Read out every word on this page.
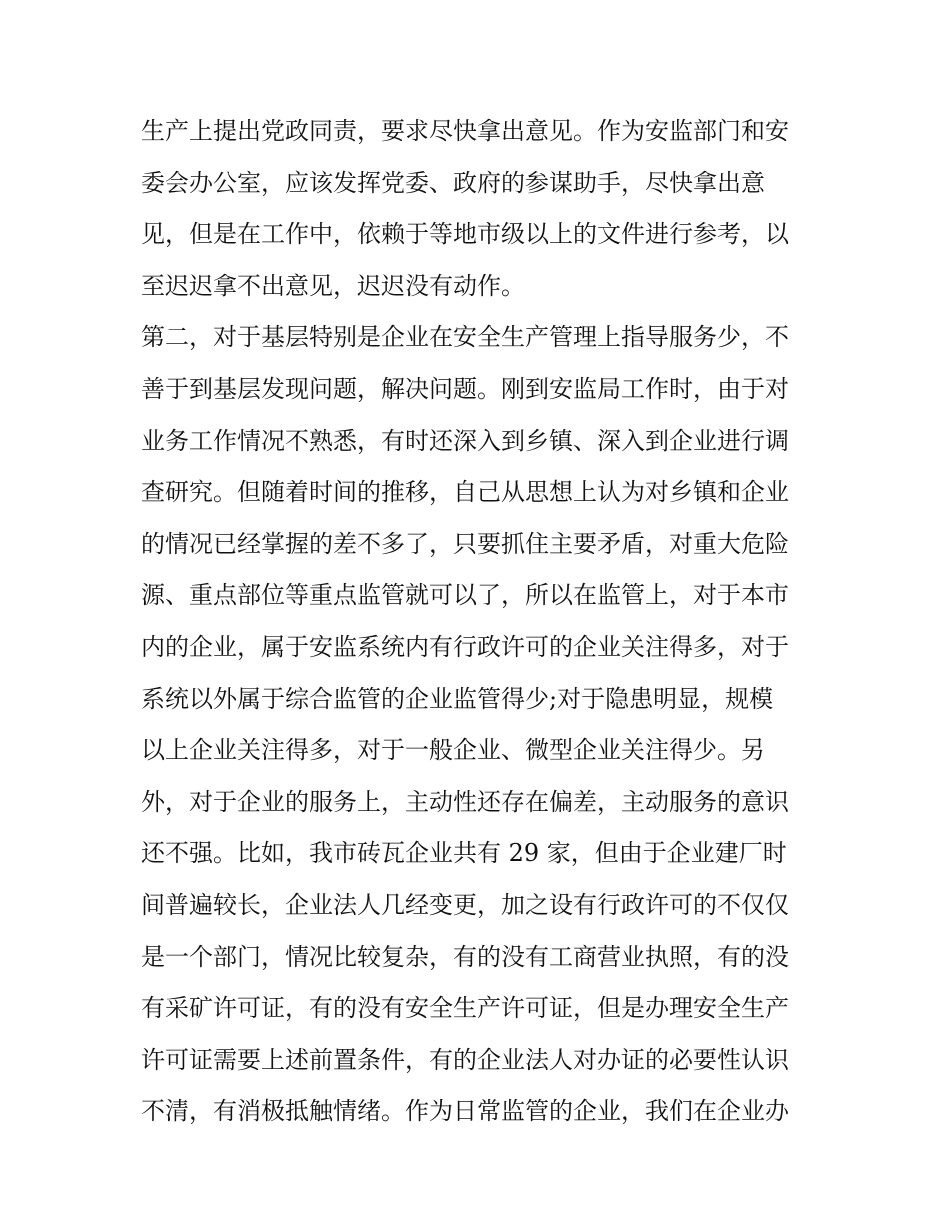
生产上提出党政同责，要求尽快拿出意见。作为安监部门和安
委会办公室，应该发挥党委、政府的参谋助手，尽快拿出意
见，但是在工作中，依赖于等地市级以上的文件进行参考，以
至迟迟拿不出意见，迟迟没有动作。
第二，对于基层特别是企业在安全生产管理上指导服务少，不
善于到基层发现问题，解决问题。刚到安监局工作时，由于对
业务工作情况不熟悉，有时还深入到乡镇、深入到企业进行调
查研究。但随着时间的推移，自己从思想上认为对乡镇和企业
的情况已经掌握的差不多了，只要抓住主要矛盾，对重大危险
源、重点部位等重点监管就可以了，所以在监管上，对于本市
内的企业，属于安监系统内有行政许可的企业关注得多，对于
系统以外属于综合监管的企业监管得少;对于隐患明显，规模
以上企业关注得多，对于一般企业、微型企业关注得少。另
外，对于企业的服务上，主动性还存在偏差，主动服务的意识
还不强。比如，我市砖瓦企业共有 29 家，但由于企业建厂时
间普遍较长，企业法人几经变更，加之设有行政许可的不仅仅
是一个部门，情况比较复杂，有的没有工商营业执照，有的没
有采矿许可证，有的没有安全生产许可证，但是办理安全生产
许可证需要上述前置条件，有的企业法人对办证的必要性认识
不清，有消极抵触情绪。作为日常监管的企业，我们在企业办
